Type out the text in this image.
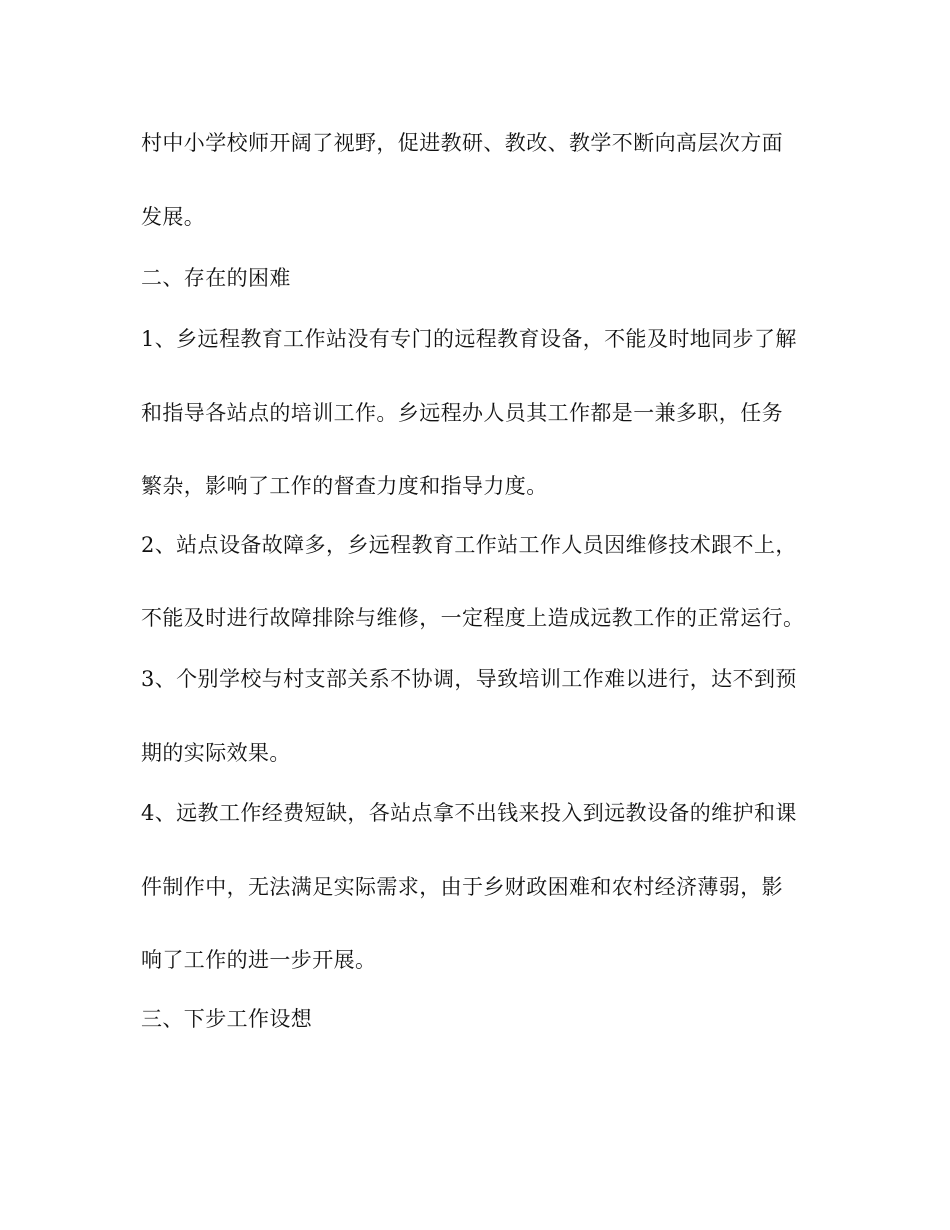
村中小学校师开阔了视野，促进教研、教改、教学不断向高层次方面
发展。
二、存在的困难
1、乡远程教育工作站没有专门的远程教育设备，不能及时地同步了解
和指导各站点的培训工作。乡远程办人员其工作都是一兼多职，任务
繁杂，影响了工作的督查力度和指导力度。
2、站点设备故障多，乡远程教育工作站工作人员因维修技术跟不上，
不能及时进行故障排除与维修，一定程度上造成远教工作的正常运行。
3、个别学校与村支部关系不协调，导致培训工作难以进行，达不到预
期的实际效果。
4、远教工作经费短缺，各站点拿不出钱来投入到远教设备的维护和课
件制作中，无法满足实际需求，由于乡财政困难和农村经济薄弱，影
响了工作的进一步开展。
三、下步工作设想
